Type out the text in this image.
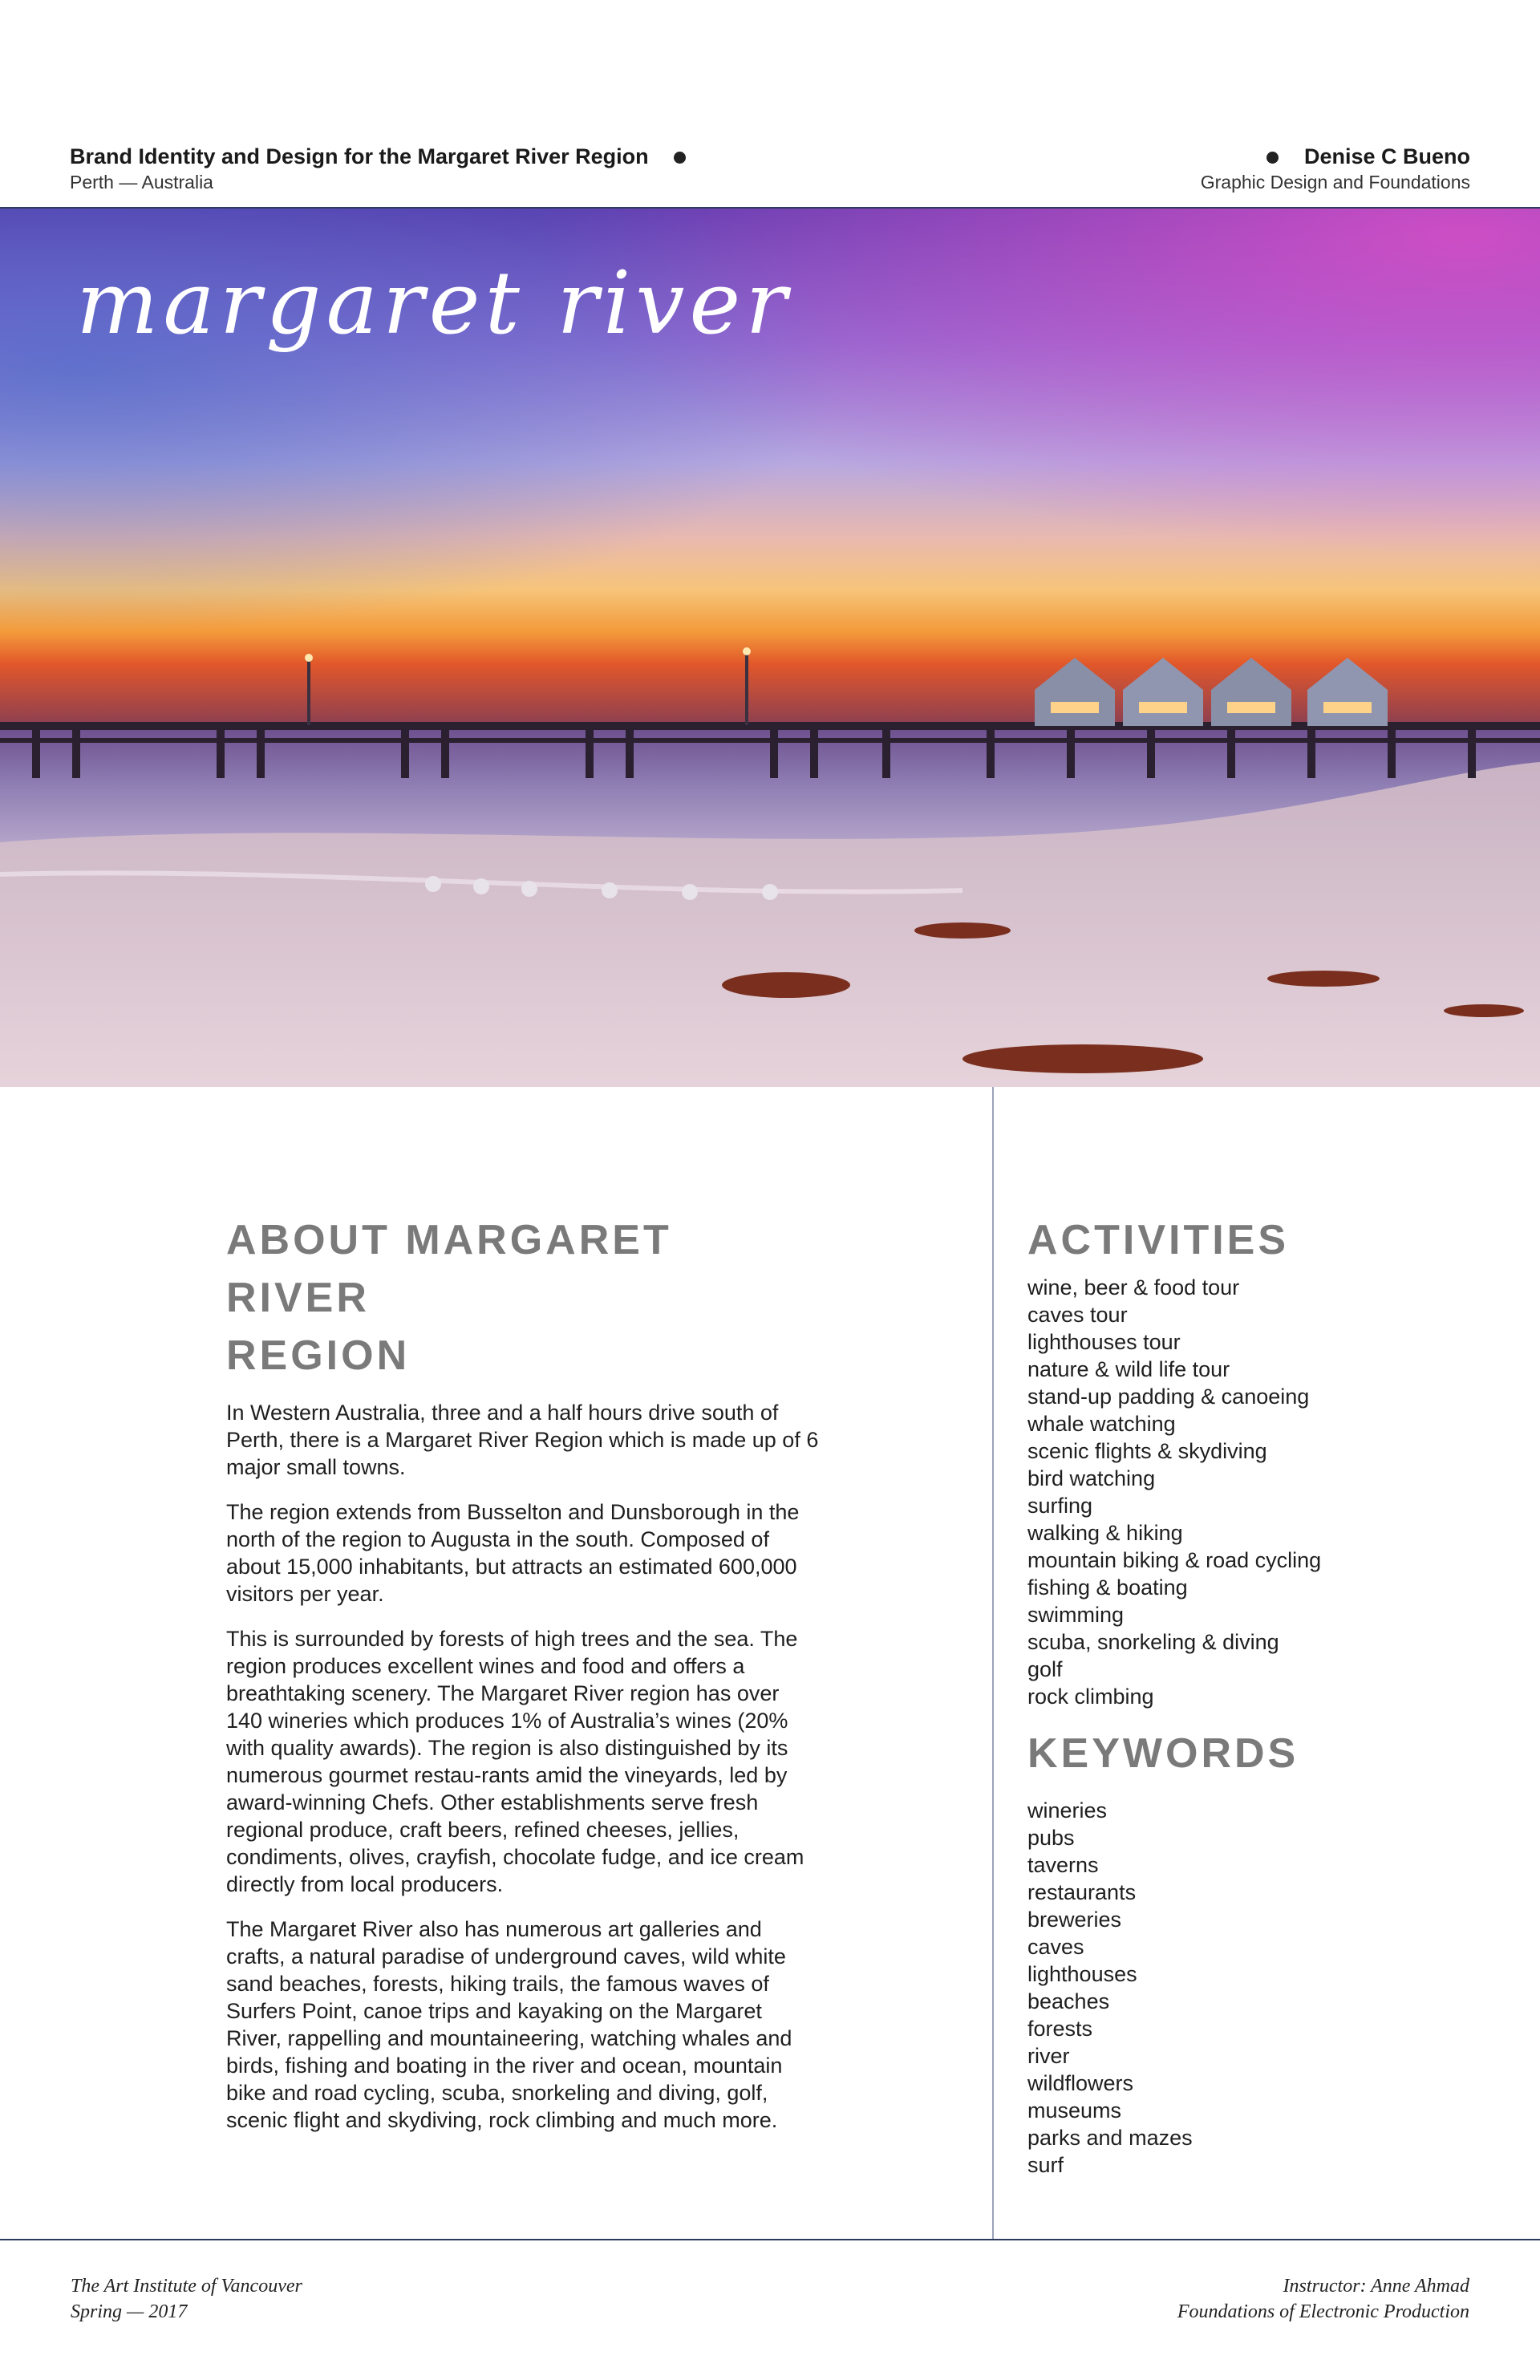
Brand Identity and Design for the Margaret River Region
Perth — Australia
Denise C Bueno
Graphic Design and Foundations
margaret river
ABOUT MARGARET RIVER
REGION

In Western Australia, three and a half hours drive south of Perth, there is a Margaret River Region which is made up of 6 major small towns.

The region extends from Busselton and Dunsborough in the north of the region to Augusta in the south. Composed of about 15,000 inhabitants, but attracts an estimated 600,000 visitors per year.

This is surrounded by forests of high trees and the sea. The region produces excellent wines and food and offers a breathtaking scenery. The Margaret River region has over 140 wineries which produces 1% of Australia’s wines (20% with quality awards). The region is also distinguished by its numerous gourmet restau-rants amid the vineyards, led by award-winning Chefs. Other establishments serve fresh regional produce, craft beers, refined cheeses, jellies, condiments, olives, crayfish, chocolate fudge, and ice cream directly from local producers.

The Margaret River also has numerous art galleries and crafts, a natural paradise of underground caves, wild white sand beaches, forests, hiking trails, the famous waves of Surfers Point, canoe trips and kayaking on the Margaret River, rappelling and mountaineering, watching whales and birds, fishing and boating in the river and ocean, mountain bike and road cycling, scuba, snorkeling and diving, golf, scenic flight and skydiving, rock climbing and much more.

ACTIVITIES
wine, beer & food tour
caves tour
lighthouses tour
nature & wild life tour
stand-up padding & canoeing
whale watching
scenic flights & skydiving
bird watching
surfing
walking & hiking
mountain biking & road cycling
fishing & boating
swimming
scuba, snorkeling & diving
golf
rock climbing
KEYWORDS
wineries
pubs
taverns
restaurants
breweries
caves
lighthouses
beaches
forests
river
wildflowers
museums
parks and mazes
surf
The Art Institute of Vancouver
Spring — 2017
Instructor: Anne Ahmad
Foundations of Electronic Production
